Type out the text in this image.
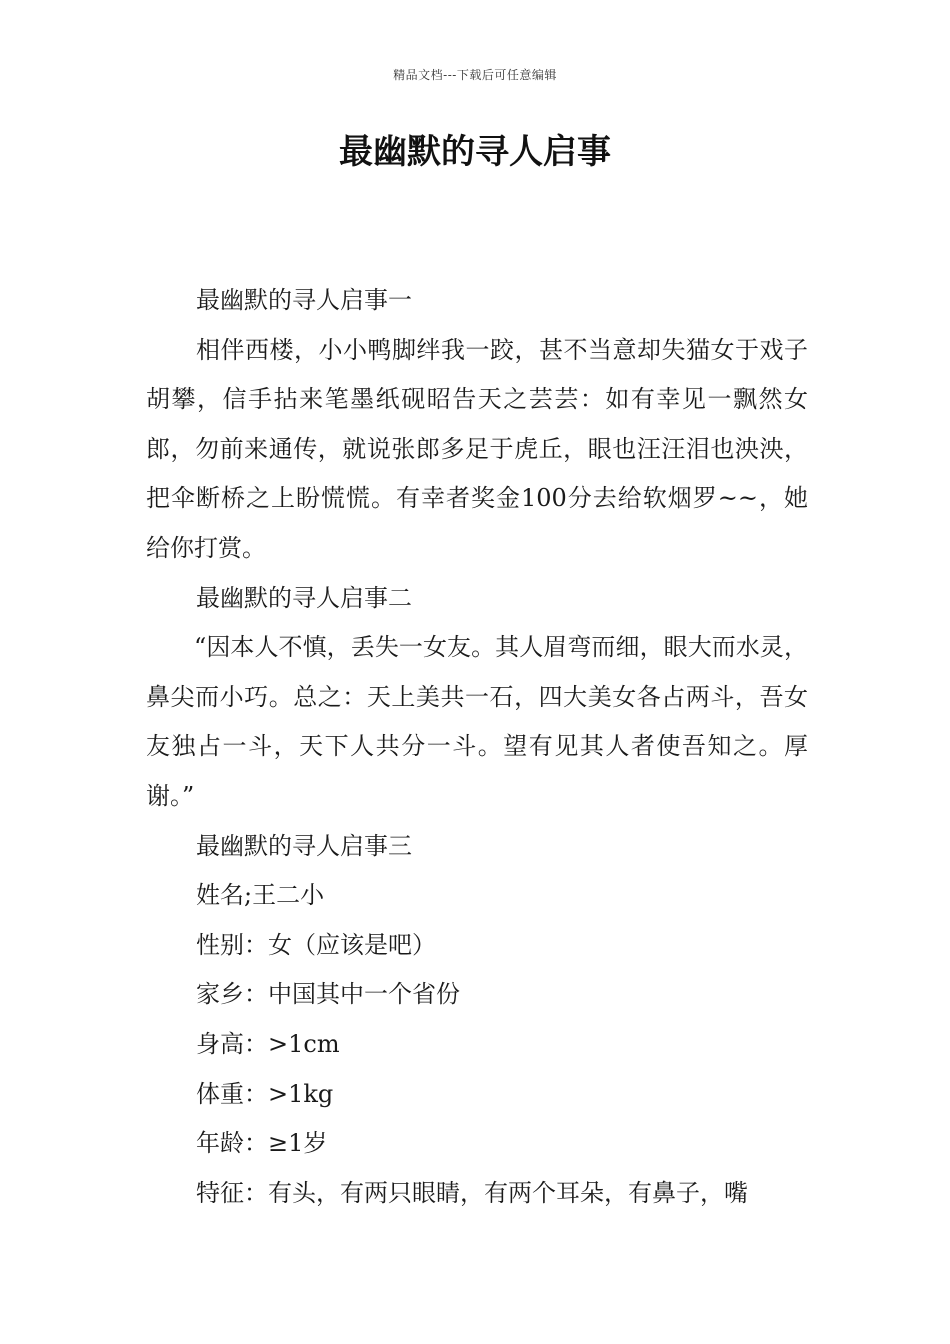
精品文档---下载后可任意编辑
最幽默的寻人启事

最幽默的寻人启事一

相伴西楼，小小鸭脚绊我一跤，甚不当意却失猫女于戏子胡攀，信手拈来笔墨纸砚昭告天之芸芸：如有幸见一飘然女郎，勿前来通传，就说张郎多足于虎丘，眼也汪汪泪也泱泱，把伞断桥之上盼慌慌。有幸者奖金100分去给软烟罗~~，她给你打赏。

最幽默的寻人启事二

“因本人不慎，丢失一女友。其人眉弯而细，眼大而水灵，鼻尖而小巧。总之：天上美共一石，四大美女各占两斗，吾女友独占一斗，天下人共分一斗。望有见其人者使吾知之。厚谢。”

最幽默的寻人启事三

姓名;王二小

性别：女（应该是吧）

家乡：中国其中一个省份

身高：>1cm

体重：>1kg

年龄：≥1岁

特征：有头，有两只眼睛，有两个耳朵，有鼻子，嘴
